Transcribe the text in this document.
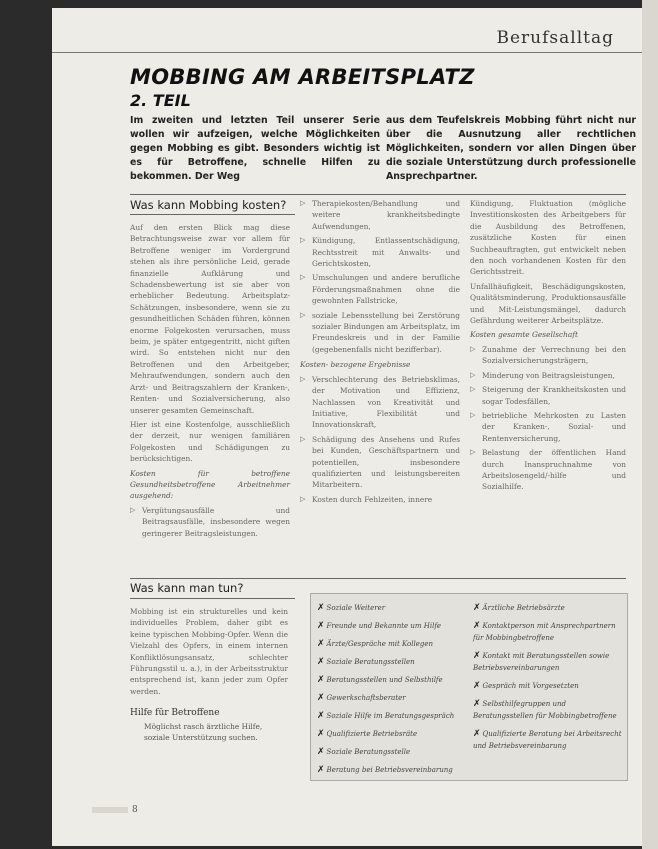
Berufsalltag
MOBBING AM ARBEITSPLATZ
2. TEIL
Im zweiten und letzten Teil unserer Serie wollen wir aufzeigen, welche Möglichkeiten gegen Mobbing es gibt. Besonders wichtig ist es für Betroffene, schnelle Hilfen zu bekommen. Der Weg
aus dem Teufelskreis Mobbing führt nicht nur über die Ausnutzung aller rechtlichen Möglichkeiten, sondern vor allen Dingen über die soziale Unterstützung durch professionelle Ansprechpartner.
Was kann Mobbing kosten?

Auf den ersten Blick mag diese Betrachtungsweise zwar vor allem für Betroffene weniger im Vordergrund stehen als ihre persönliche Leid, gerade finanzielle Aufklärung und Schadensbewertung ist sie aber von erheblicher Bedeutung. Arbeitsplatz-Schätzungen, insbesondere, wenn sie zu gesundheitlichen Schäden führen, können enorme Folgekosten verursachen, muss beim, je später entgegentritt, nicht giften wird. So entstehen nicht nur den Betroffenen und den Arbeitgeber, Mehraufwendungen, sondern auch den Arzt- und Beitragszahlern der Kranken-, Renten- und Sozialversicherung, also unserer gesamten Gemeinschaft.

Hier ist eine Kostenfolge, ausschließlich der derzeit, nur wenigen familiären Folgekosten und Schädigungen zu berücksichtigen.

Kosten für betroffene Gesundheitsbetroffene Arbeitnehmer ausgehend:

▷ Vergütungsausfälle und Beitragsausfälle, insbesondere wegen geringerer Beitragsleistungen.
▷ Therapiekosten/Behandlung und weitere krankheitsbedingte Aufwendungen,
▷ Kündigung, Entlassentschädigung, Rechtsstreit mit Anwalts- und Gerichtskosten,
▷ Umschulungen und andere berufliche Förderungsmaßnahmen ohne die gewohnten Fallstricke,
▷ soziale Lebensstellung bei Zerstörung sozialer Bindungen am Arbeitsplatz, im Freundeskreis und in der Familie (gegebenenfalls nicht bezifferbar).

Kosten- bezogene Ergebnisse

▷ Verschlechterung des Betriebsklimas, der Motivation und Effizienz, Nachlassen von Kreativität und Initiative, Flexibilität und Innovationskraft,
▷ Schädigung des Ansehens und Rufes bei Kunden, Geschäftspartnern und potentiellen, insbesondere qualifizierten und leistungsbereiten Mitarbeitern.
▷ Kosten durch Fehlzeiten, innere

Kündigung, Fluktuation (mögliche Investitionskosten des Arbeitgebers für die Ausbildung des Betroffenen, zusätzliche Kosten für einen Suchbeauftragten, gut entwickelt neben den noch vorhandenen Kosten für den Gerichtsstreit.

Unfallhäufigkeit, Beschädigungskosten, Qualitätsminderung, Produktionsausfälle und Mit-Leistungsmängel, dadurch Gefährdung weiterer Arbeitsplätze.

Kosten gesamte Gesellschaft

▷ Zunahme der Verrechnung bei den Sozialversicherungsträgern,
▷ Minderung von Beitragsleistungen,
▷ Steigerung der Krankheitskosten und sogar Todesfällen,
▷ betriebliche Mehrkosten zu Lasten der Kranken-, Sozial- und Rentenversicherung,
▷ Belastung der öffentlichen Hand durch Inanspruchnahme von Arbeitslosengeld/-hilfe und Sozialhilfe.
Was kann man tun?

Mobbing ist ein strukturelles und kein individuelles Problem, daher gibt es keine typischen Mobbing-Opfer. Wenn die Vielzahl des Opfers, in einem internen Konfliktlösungsansatz, schlechter Führungsstil u. a.), in der Arbeitsstruktur entsprechend ist, kann jeder zum Opfer werden.

Hilfe für Betroffene
Möglichst rasch ärztliche Hilfe, soziale Unterstützung suchen.
✗ Soziale Weiterer
✗ Freunde und Bekannte um Hilfe
✗ Ärzte/Gespräche mit Kollegen
✗ Soziale Beratungsstellen
✗ Beratungsstellen und Selbsthilfe
✗ Gewerkschaftsberater
✗ Soziale Hilfe im Beratungsgespräch
✗ Qualifizierte Betriebsräte
✗ Soziale Beratungsstelle
✗ Beratung bei Betriebsvereinbarung
✗ Ärztliche Betriebsärzte
✗ Kontaktperson mit Ansprechpartnern für Mobbingbetroffene
✗ Kontakt mit Beratungsstellen sowie Betriebsvereinbarungen
✗ Gespräch mit Vorgesetzten
✗ Selbsthilfegruppen und Beratungsstellen für Mobbingbetroffene
✗ Qualifizierte Beratung bei Arbeitsrecht und Betriebsvereinbarung
8
